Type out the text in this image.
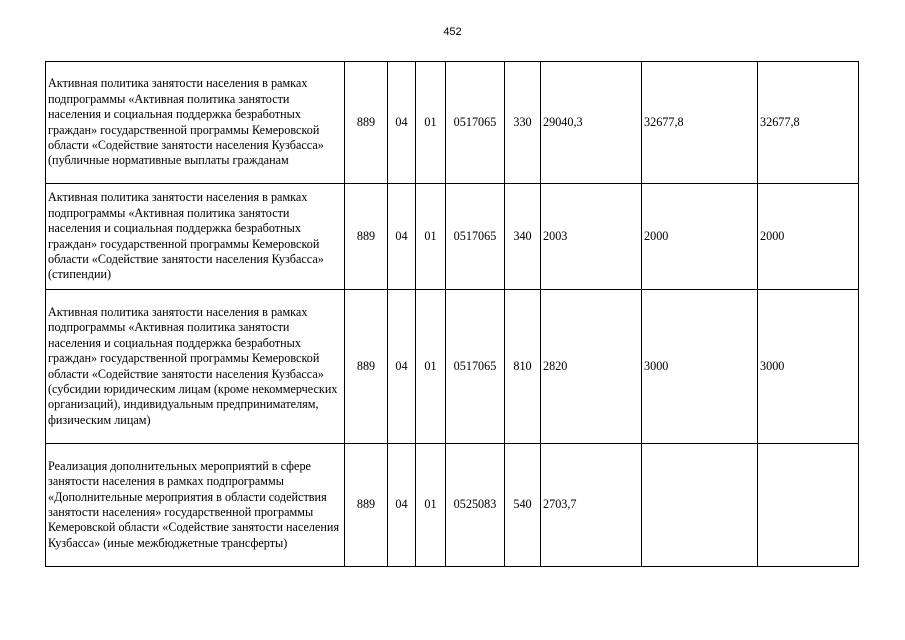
452
Активная политика занятости населения в рамках подпрограммы «Активная политика занятости населения и социальная поддержка безработных граждан» государственной программы Кемеровской области «Содействие занятости населения Кузбасса» (публичные нормативные выплаты гражданам	889	04	01	0517065	330	29040,3	32677,8	32677,8
Активная политика занятости населения в рамках подпрограммы «Активная политика занятости населения и социальная поддержка безработных граждан» государственной программы Кемеровской области «Содействие занятости населения Кузбасса» (стипендии)	889	04	01	0517065	340	2003	2000	2000
Активная политика занятости населения в рамках подпрограммы «Активная политика занятости населения и социальная поддержка безработных граждан» государственной программы Кемеровской области «Содействие занятости населения Кузбасса» (субсидии юридическим лицам (кроме некоммерческих организаций), индивидуальным предпринимателям, физическим лицам)	889	04	01	0517065	810	2820	3000	3000
Реализация дополнительных мероприятий в сфере занятости населения в рамках подпрограммы «Дополнительные мероприятия в области содействия занятости населения» государственной программы Кемеровской области «Содействие занятости населения Кузбасса» (иные межбюджетные трансферты)	889	04	01	0525083	540	2703,7		
